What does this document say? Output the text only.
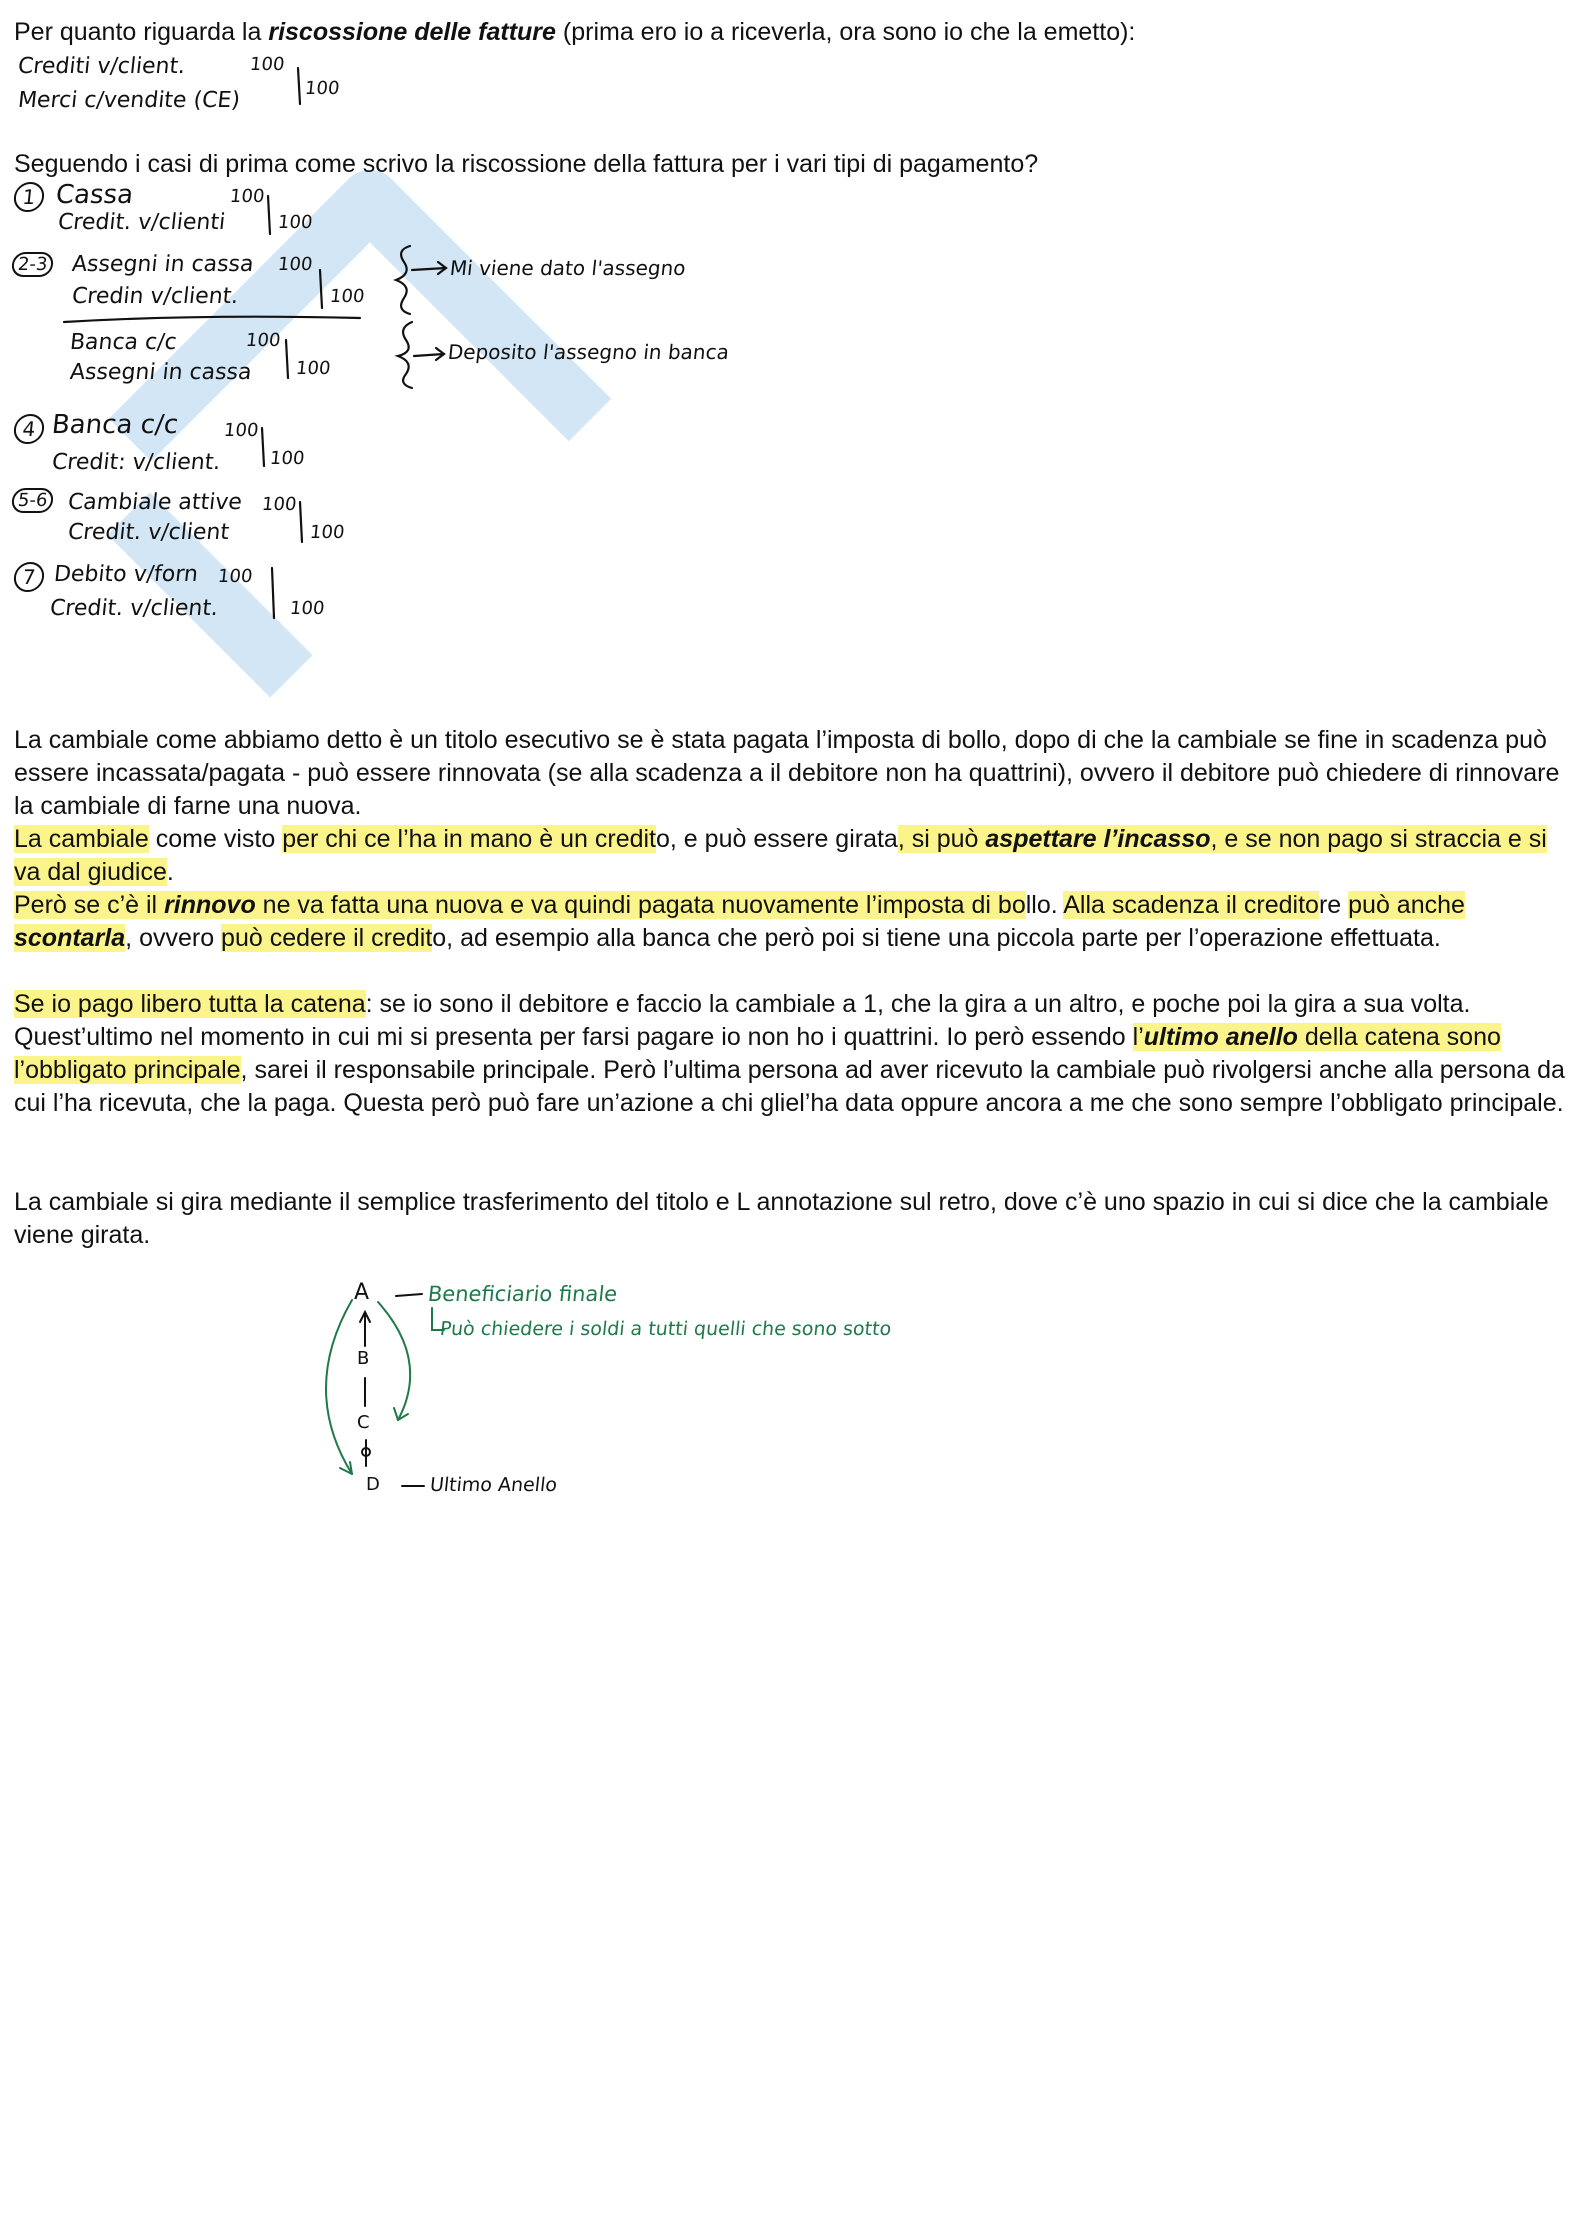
Per quanto riguarda la riscossione delle fatture (prima ero io a riceverla, ora sono io che la emetto):

Crediti v/client.
Merci c/vendite (CE)
100
100

Seguendo i casi di prima come scrivo la riscossione della fattura per i vari tipi di pagamento?

1 Cassa
Credit. v/clienti
100
100
2-3 Assegni in cassa
Credin v/client.
100
100
Mi viene dato l'assegno
Banca c/c
Assegni in cassa
100
100
Deposito l'assegno in banca
4 Banca c/c
Credit: v/client.
100
100
5-6 Cambiale attive
Credit. v/client
100
100
7 Debito v/forn
Credit. v/client.
100
100

La cambiale come abbiamo detto è un titolo esecutivo se è stata pagata l’imposta di bollo, dopo di che la cambiale se fine in scadenza può essere incassata/pagata - può essere rinnovata (se alla scadenza a il debitore non ha quattrini), ovvero il debitore può chiedere di rinnovare la cambiale di farne una nuova.

La cambiale come visto per chi ce l’ha in mano è un credito, e può essere girata, si può aspettare l’incasso, e se non pago si straccia e si va dal giudice.

Però se c’è il rinnovo ne va fatta una nuova e va quindi pagata nuovamente l’imposta di bollo. Alla scadenza il creditore può anche scontarla, ovvero può cedere il credito, ad esempio alla banca che però poi si tiene una piccola parte per l’operazione effettuata.

Se io pago libero tutta la catena: se io sono il debitore e faccio la cambiale a 1, che la gira a un altro, e poche poi la gira a sua volta. Quest’ultimo nel momento in cui mi si presenta per farsi pagare io non ho i quattrini. Io però essendo l’ultimo anello della catena sono l’obbligato principale, sarei il responsabile principale. Però l’ultima persona ad aver ricevuto la cambiale può rivolgersi anche alla persona da cui l’ha ricevuta, che la paga. Questa però può fare un’azione a chi gliel’ha data oppure ancora a me che sono sempre l’obbligato principale.

La cambiale si gira mediante il semplice trasferimento del titolo e L annotazione sul retro, dove c’è uno spazio in cui si dice che la cambiale viene girata.

A
B
C
D
Beneficiario finale
Può chiedere i soldi a tutti quelli che sono sotto
Ultimo Anello
